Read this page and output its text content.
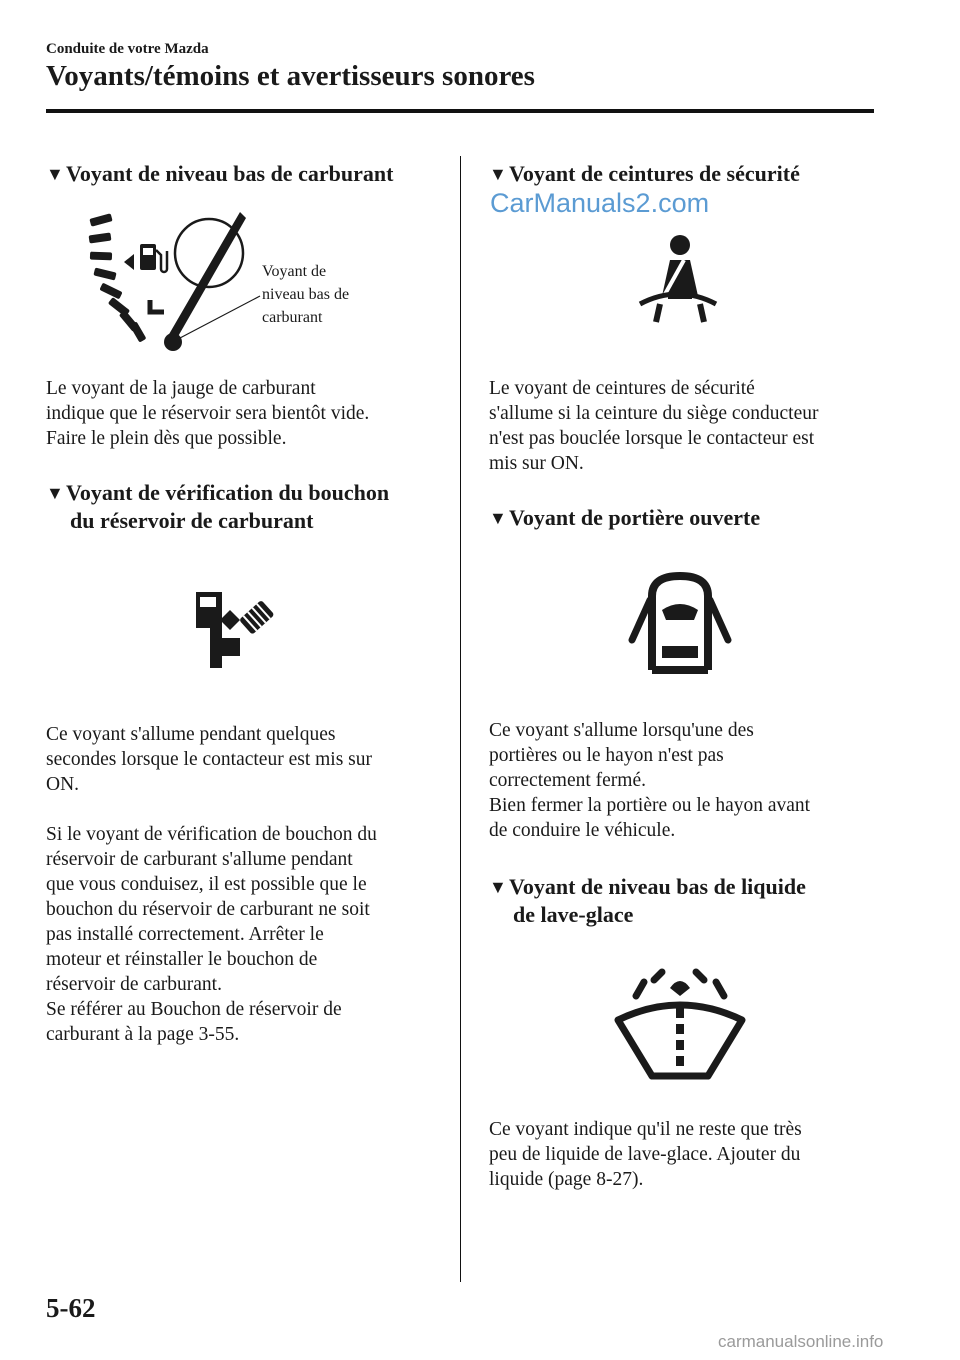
Conduite de votre Mazda
Voyants/témoins et avertisseurs sonores
▼Voyant de niveau bas de carburant
Voyant de
niveau bas de
carburant
Le voyant de la jauge de carburant
indique que le réservoir sera bientôt vide.
Faire le plein dès que possible.
▼Voyant de vérification du bouchon
du réservoir de carburant
Ce voyant s'allume pendant quelques
secondes lorsque le contacteur est mis sur
ON.
Si le voyant de vérification de bouchon du
réservoir de carburant s'allume pendant
que vous conduisez, il est possible que le
bouchon du réservoir de carburant ne soit
pas installé correctement. Arrêter le
moteur et réinstaller le bouchon de
réservoir de carburant.
Se référer au Bouchon de réservoir de
carburant à la page 3-55.
▼Voyant de ceintures de sécurité
CarManuals2.com
Le voyant de ceintures de sécurité
s'allume si la ceinture du siège conducteur
n'est pas bouclée lorsque le contacteur est
mis sur ON.
▼Voyant de portière ouverte
Ce voyant s'allume lorsqu'une des
portières ou le hayon n'est pas
correctement fermé.
Bien fermer la portière ou le hayon avant
de conduire le véhicule.
▼Voyant de niveau bas de liquide
de lave-glace
Ce voyant indique qu'il ne reste que très
peu de liquide de lave-glace. Ajouter du
liquide (page 8-27).
5-62
carmanualsonline.info
